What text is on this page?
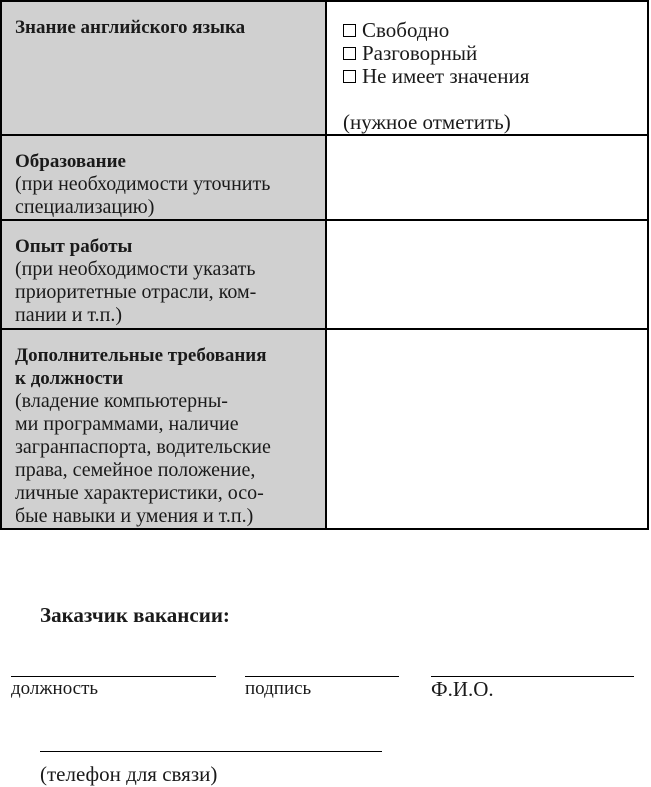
Знание английского языка	Свободно
Разговорный
Не имеет значения
(нужное отметить)

Образование
(при необходимости уточнить
специализацию)	

Опыт работы
(при необходимости указать
приоритетные отрасли, ком-
пании и т.п.)	

Дополнительные требования
к должности
(владение компьютерны-
ми программами, наличие
загранпаспорта, водительские
права, семейное положение,
личные характеристики, осо-
бые навыки и умения и т.п.)

Заказчик вакансии:
должность	подпись	Ф.И.О.
(телефон для связи)
